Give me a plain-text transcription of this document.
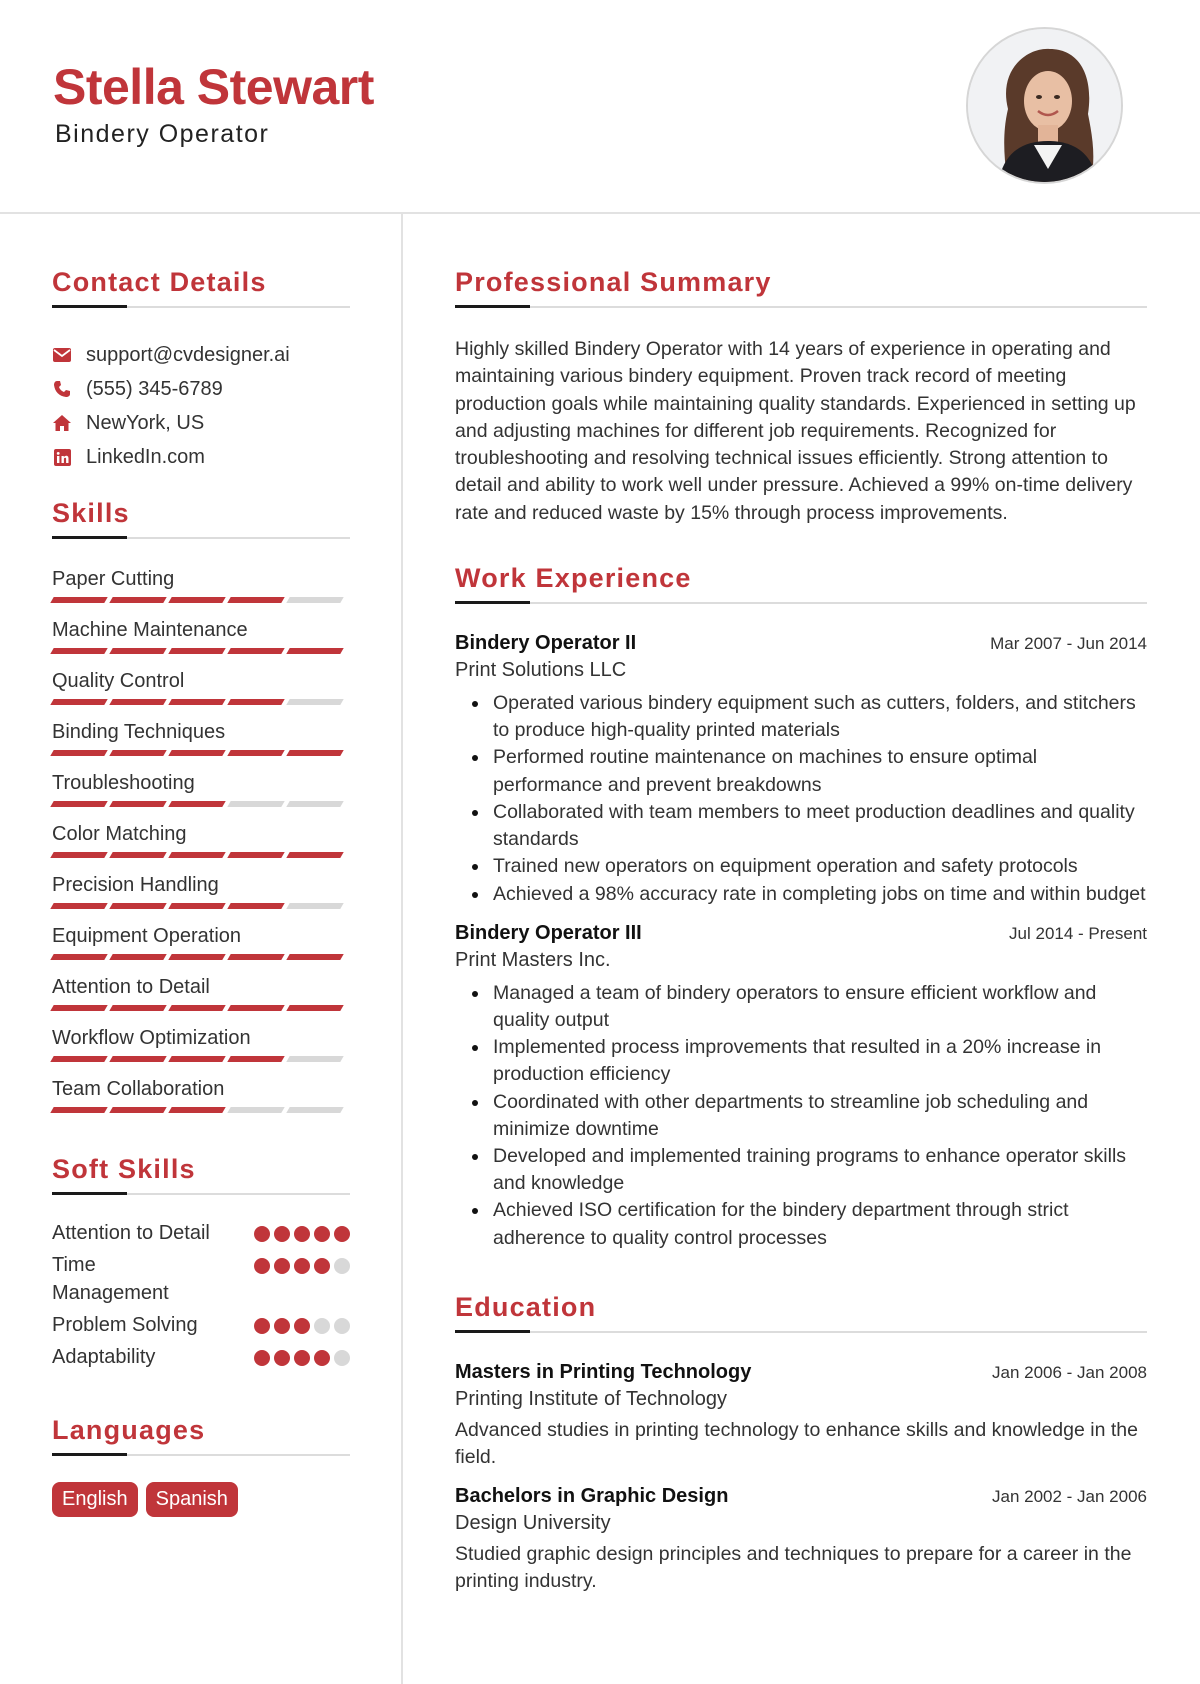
Stella Stewart
Bindery Operator
Contact Details
support@cvdesigner.ai
(555) 345-6789
NewYork, US
LinkedIn.com
Skills
Paper Cutting
Machine Maintenance
Quality Control
Binding Techniques
Troubleshooting
Color Matching
Precision Handling
Equipment Operation
Attention to Detail
Workflow Optimization
Team Collaboration
Soft Skills
Attention to Detail
Time Management
Problem Solving
Adaptability
Languages
English	Spanish
Professional Summary
Highly skilled Bindery Operator with 14 years of experience in operating and maintaining various bindery equipment. Proven track record of meeting production goals while maintaining quality standards. Experienced in setting up and adjusting machines for different job requirements. Recognized for troubleshooting and resolving technical issues efficiently. Strong attention to detail and ability to work well under pressure. Achieved a 99% on-time delivery rate and reduced waste by 15% through process improvements.
Work Experience
Bindery Operator II	Mar 2007 - Jun 2014
Print Solutions LLC
Operated various bindery equipment such as cutters, folders, and stitchers to produce high-quality printed materials
Performed routine maintenance on machines to ensure optimal performance and prevent breakdowns
Collaborated with team members to meet production deadlines and quality standards
Trained new operators on equipment operation and safety protocols
Achieved a 98% accuracy rate in completing jobs on time and within budget
Bindery Operator III	Jul 2014 - Present
Print Masters Inc.
Managed a team of bindery operators to ensure efficient workflow and quality output
Implemented process improvements that resulted in a 20% increase in production efficiency
Coordinated with other departments to streamline job scheduling and minimize downtime
Developed and implemented training programs to enhance operator skills and knowledge
Achieved ISO certification for the bindery department through strict adherence to quality control processes
Education
Masters in Printing Technology	Jan 2006 - Jan 2008
Printing Institute of Technology
Advanced studies in printing technology to enhance skills and knowledge in the field.
Bachelors in Graphic Design	Jan 2002 - Jan 2006
Design University
Studied graphic design principles and techniques to prepare for a career in the printing industry.
